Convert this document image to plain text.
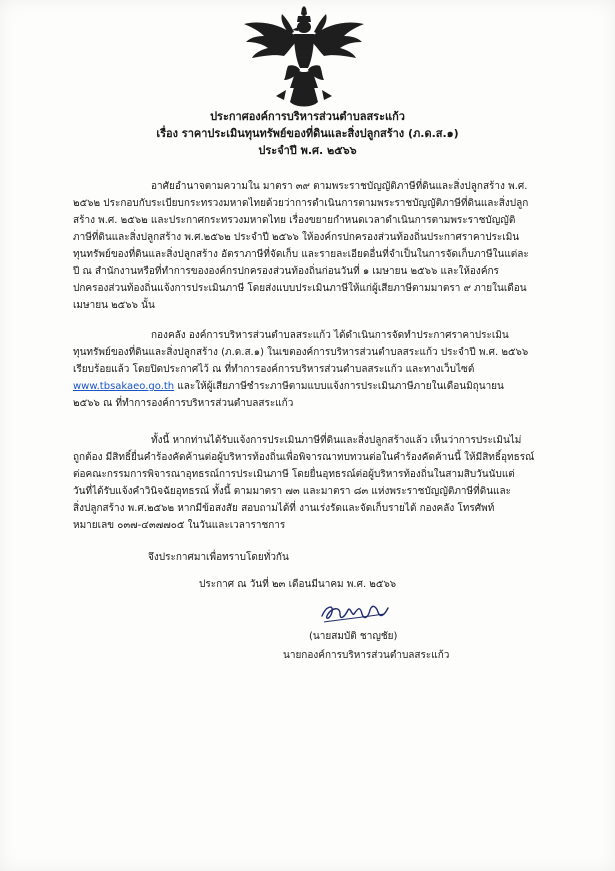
ประกาศองค์การบริหารส่วนตำบลสระแก้ว
เรื่อง ราคาประเมินทุนทรัพย์ของที่ดินและสิ่งปลูกสร้าง (ภ.ด.ส.๑)
ประจำปี พ.ศ. ๒๕๖๖
อาศัยอำนาจตามความใน มาตรา ๓๙ ตามพระราชบัญญัติภาษีที่ดินและสิ่งปลูกสร้าง พ.ศ.
๒๕๖๒ ประกอบกับระเบียบกระทรวงมหาดไทยด้วยว่าการดำเนินการตามพระราชบัญญัติภาษีที่ดินและสิ่งปลูก
สร้าง พ.ศ. ๒๕๖๒ และประกาศกระทรวงมหาดไทย เรื่องขยายกำหนดเวลาดำเนินการตามพระราชบัญญัติ
ภาษีที่ดินและสิ่งปลูกสร้าง พ.ศ.๒๕๖๒ ประจำปี ๒๕๖๖ ให้องค์กรปกครองส่วนท้องถิ่นประกาศราคาประเมิน
ทุนทรัพย์ของที่ดินและสิ่งปลูกสร้าง อัตราภาษีที่จัดเก็บ และรายละเอียดอื่นที่จำเป็นในการจัดเก็บภาษีในแต่ละ
ปี ณ สำนักงานหรือที่ทำการขององค์กรปกครองส่วนท้องถิ่นก่อนวันที่ ๑ เมษายน ๒๕๖๖ และให้องค์กร
ปกครองส่วนท้องถิ่นแจ้งการประเมินภาษี โดยส่งแบบประเมินภาษีให้แก่ผู้เสียภาษีตามมาตรา ๙ ภายในเดือน
เมษายน ๒๕๖๖ นั้น
กองคลัง องค์การบริหารส่วนตำบลสระแก้ว ได้ดำเนินการจัดทำประกาศราคาประเมิน
ทุนทรัพย์ของที่ดินและสิ่งปลูกสร้าง (ภ.ด.ส.๑) ในเขตองค์การบริหารส่วนตำบลสระแก้ว ประจำปี พ.ศ. ๒๕๖๖
เรียบร้อยแล้ว โดยปิดประกาศไว้ ณ ที่ทำการองค์การบริหารส่วนตำบลสระแก้ว และทางเว็บไซต์
www.tbsakaeo.go.th และให้ผู้เสียภาษีชำระภาษีตามแบบแจ้งการประเมินภาษีภายในเดือนมิถุนายน
๒๕๖๖ ณ ที่ทำการองค์การบริหารส่วนตำบลสระแก้ว
ทั้งนี้ หากท่านได้รับแจ้งการประเมินภาษีที่ดินและสิ่งปลูกสร้างแล้ว เห็นว่าการประเมินไม่
ถูกต้อง มีสิทธิ์ยื่นคำร้องคัดค้านต่อผู้บริหารท้องถิ่นเพื่อพิจารณาทบทวนต่อในคำร้องคัดค้านนี้ ให้มีสิทธิ์อุทธรณ์
ต่อคณะกรรมการพิจารณาอุทธรณ์การประเมินภาษี โดยยื่นอุทธรณ์ต่อผู้บริหารท้องถิ่นในสามสิบวันนับแต่
วันที่ได้รับแจ้งคำวินิจฉัยอุทธรณ์ ทั้งนี้ ตามมาตรา ๗๓ และมาตรา ๘๓ แห่งพระราชบัญญัติภาษีที่ดินและ
สิ่งปลูกสร้าง พ.ศ.๒๕๖๒ หากมีข้อสงสัย สอบถามได้ที่ งานเร่งรัดและจัดเก็บรายได้ กองคลัง โทรศัพท์
หมายเลข ๐๓๗-๔๓๗๗๐๕ ในวันและเวลาราชการ
จึงประกาศมาเพื่อทราบโดยทั่วกัน
ประกาศ ณ วันที่ ๒๓ เดือนมีนาคม พ.ศ. ๒๕๖๖
(นายสมบัติ ชาญชัย)
นายกองค์การบริหารส่วนตำบลสระแก้ว
